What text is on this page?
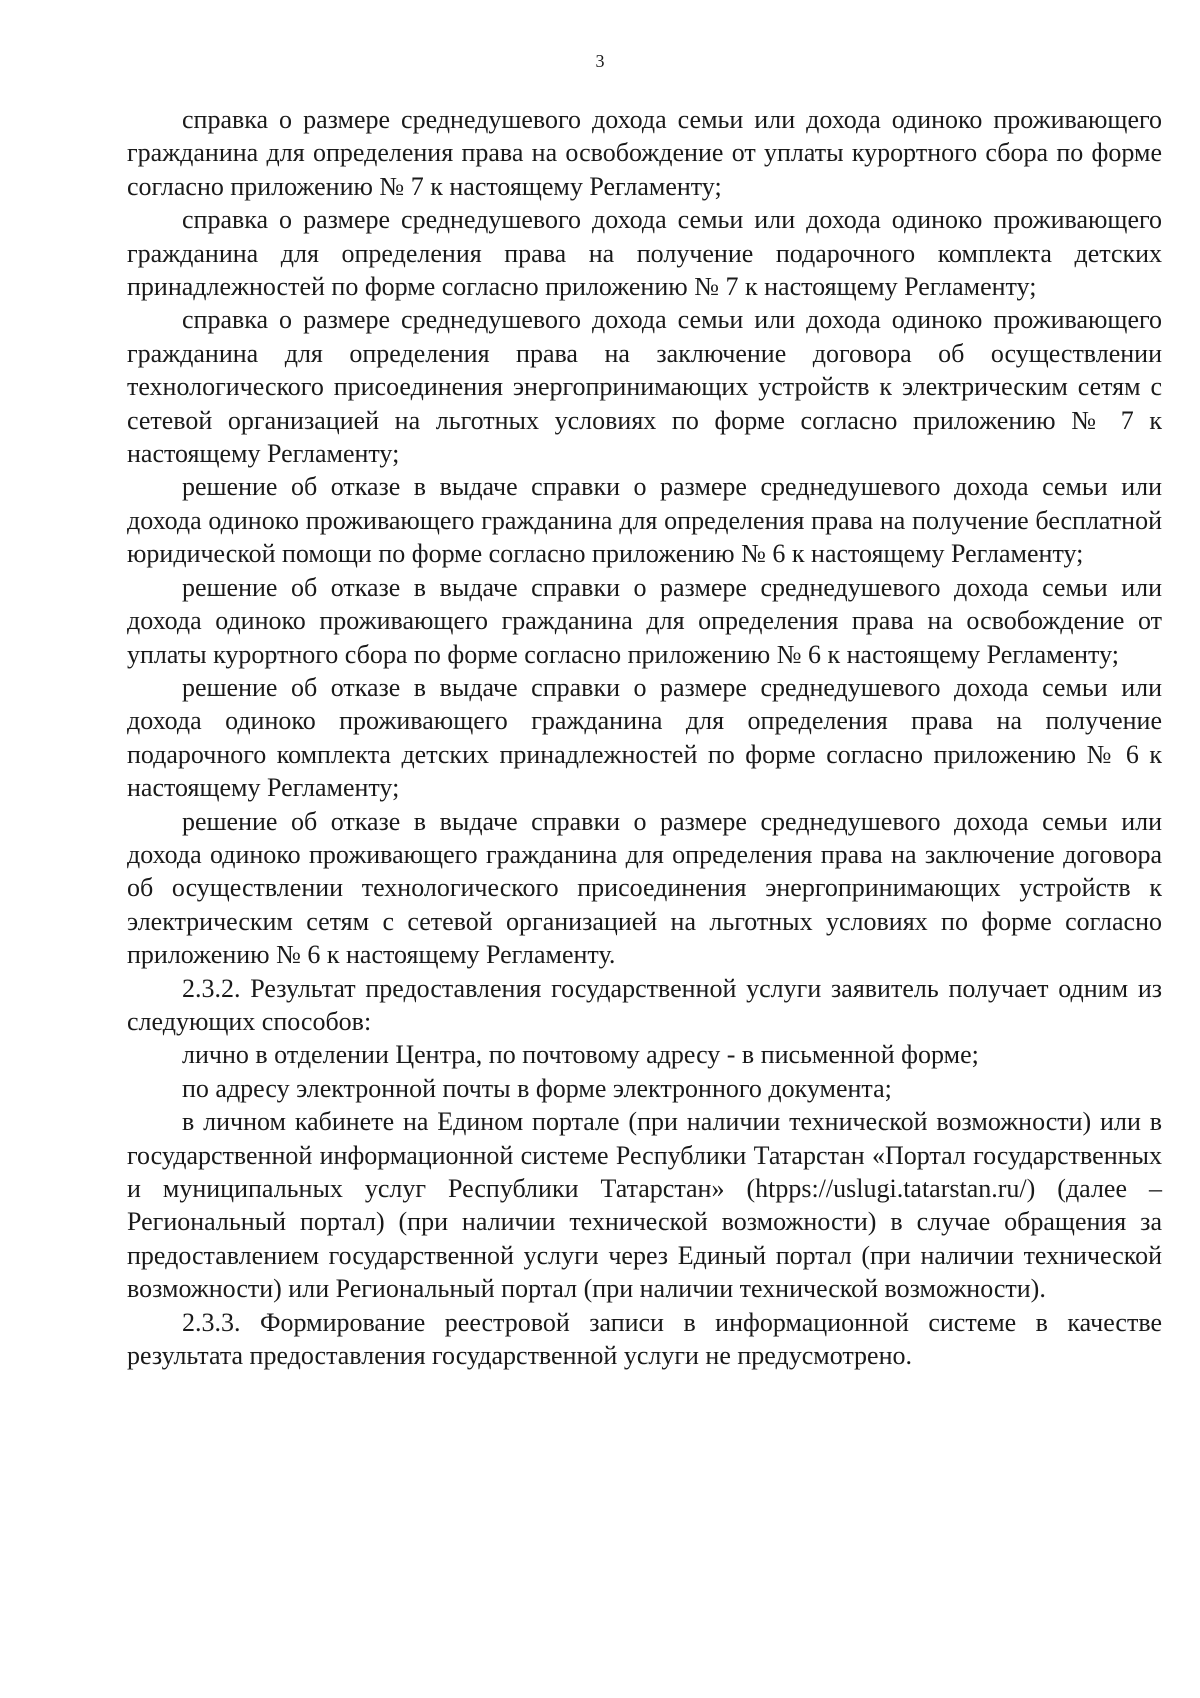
3

справка о размере среднедушевого дохода семьи или дохода одиноко проживающего гражданина для определения права на освобождение от уплаты курортного сбора по форме согласно приложению № 7 к настоящему Регламенту;

справка о размере среднедушевого дохода семьи или дохода одиноко проживающего гражданина для определения права на получение подарочного комплекта детских принадлежностей по форме согласно приложению № 7 к настоящему Регламенту;

справка о размере среднедушевого дохода семьи или дохода одиноко проживающего гражданина для определения права на заключение договора об осуществлении технологического присоединения энергопринимающих устройств к электрическим сетям с сетевой организацией на льготных условиях по форме согласно приложению № 7 к настоящему Регламенту;

решение об отказе в выдаче справки о размере среднедушевого дохода семьи или дохода одиноко проживающего гражданина для определения права на получение бесплатной юридической помощи по форме согласно приложению № 6 к настоящему Регламенту;

решение об отказе в выдаче справки о размере среднедушевого дохода семьи или дохода одиноко проживающего гражданина для определения права на освобождение от уплаты курортного сбора по форме согласно приложению № 6 к настоящему Регламенту;

решение об отказе в выдаче справки о размере среднедушевого дохода семьи или дохода одиноко проживающего гражданина для определения права на получение подарочного комплекта детских принадлежностей по форме согласно приложению № 6 к настоящему Регламенту;

решение об отказе в выдаче справки о размере среднедушевого дохода семьи или дохода одиноко проживающего гражданина для определения права на заключение договора об осуществлении технологического присоединения энергопринимающих устройств к электрическим сетям с сетевой организацией на льготных условиях по форме согласно приложению № 6 к настоящему Регламенту.

2.3.2. Результат предоставления государственной услуги заявитель получает одним из следующих способов:

лично в отделении Центра, по почтовому адресу - в письменной форме;

по адресу электронной почты в форме электронного документа;

в личном кабинете на Едином портале (при наличии технической возможности) или в государственной информационной системе Республики Татарстан «Портал государственных и муниципальных услуг Республики Татарстан» (htpps://uslugi.tatarstan.ru/) (далее – Региональный портал) (при наличии технической возможности) в случае обращения за предоставлением государственной услуги через Единый портал (при наличии технической возможности) или Региональный портал (при наличии технической возможности).

2.3.3. Формирование реестровой записи в информационной системе в качестве результата предоставления государственной услуги не предусмотрено.
